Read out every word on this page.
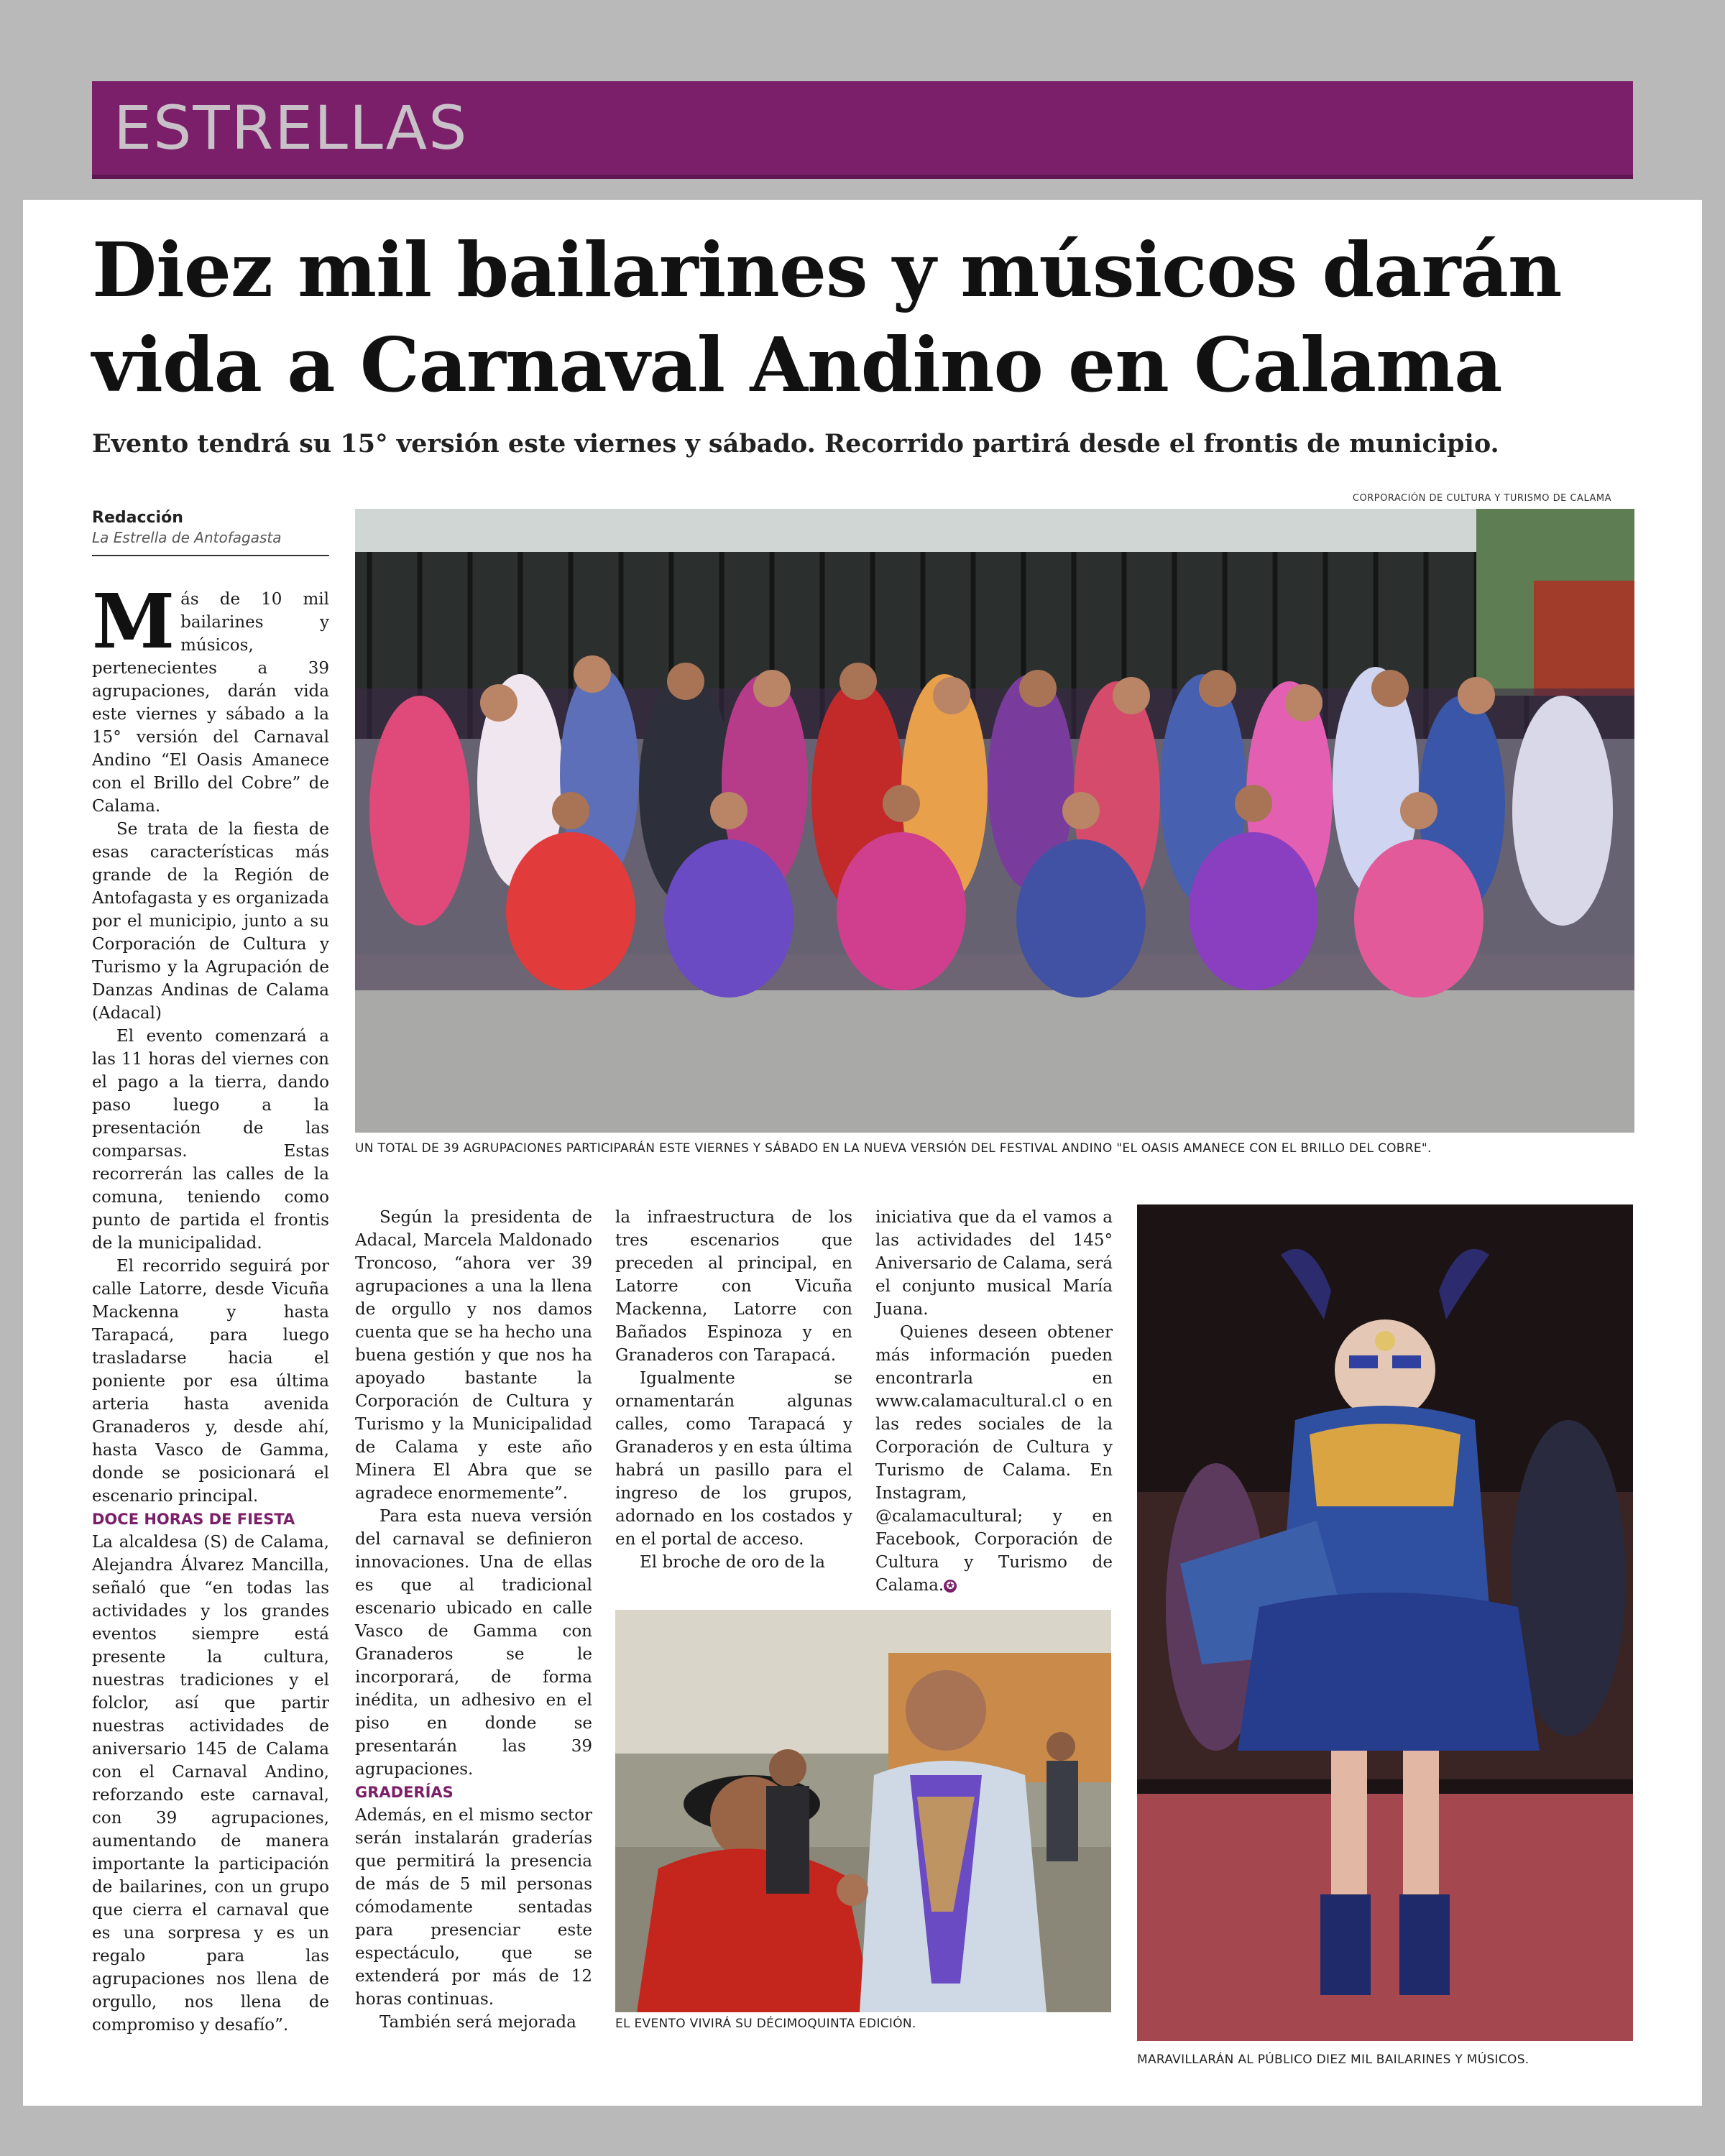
ESTRELLAS
Diez mil bailarines y músicos darán vida a Carnaval Andino en Calama
Evento tendrá su 15° versión este viernes y sábado. Recorrido partirá desde el frontis de municipio.
Redacción
La Estrella de Antofagasta
CORPORACIÓN DE CULTURA Y TURISMO DE CALAMA
UN TOTAL DE 39 AGRUPACIONES PARTICIPARÁN ESTE VIERNES Y SÁBADO EN LA NUEVA VERSIÓN DEL FESTIVAL ANDINO "EL OASIS AMANECE CON EL BRILLO DEL COBRE".

Más de 10 mil bailarines y músicos, pertenecientes a 39 agrupaciones, darán vida este viernes y sábado a la 15° versión del Carnaval Andino “El Oasis Amanece con el Brillo del Cobre” de Calama.

Se trata de la fiesta de esas características más grande de la Región de Antofagasta y es organizada por el municipio, junto a su Corporación de Cultura y Turismo y la Agrupación de Danzas Andinas de Calama (Adacal)

El evento comenzará a las 11 horas del viernes con el pago a la tierra, dando paso luego a la presentación de las comparsas. Estas recorrerán las calles de la comuna, teniendo como punto de partida el frontis de la municipalidad.

El recorrido seguirá por calle Latorre, desde Vicuña Mackenna y hasta Tarapacá, para luego trasladarse hacia el poniente por esa última arteria hasta avenida Granaderos y, desde ahí, hasta Vasco de Gamma, donde se posicionará el escenario principal.

DOCE HORAS DE FIESTA

La alcaldesa (S) de Calama, Alejandra Álvarez Mancilla, señaló que “en todas las actividades y los grandes eventos siempre está presente la cultura, nuestras tradiciones y el folclor, así que partir nuestras actividades de aniversario 145 de Calama con el Carnaval Andino, reforzando este carnaval, con 39 agrupaciones, aumentando de manera importante la participación de bailarines, con un grupo que cierra el carnaval que es una sorpresa y es un regalo para las agrupaciones nos llena de orgullo, nos llena de compromiso y desafío”.

Según la presidenta de Adacal, Marcela Maldonado Troncoso, “ahora ver 39 agrupaciones a una la llena de orgullo y nos damos cuenta que se ha hecho una buena gestión y que nos ha apoyado bastante la Corporación de Cultura y Turismo y la Municipalidad de Calama y este año Minera El Abra que se agradece enormemente”.

Para esta nueva versión del carnaval se definieron innovaciones. Una de ellas es que al tradicional escenario ubicado en calle Vasco de Gamma con Granaderos se le incorporará, de forma inédita, un adhesivo en el piso en donde se presentarán las 39 agrupaciones.

GRADERÍAS

Además, en el mismo sector serán instalarán graderías que permitirá la presencia de más de 5 mil personas cómodamente sentadas para presenciar este espectáculo, que se extenderá por más de 12 horas continuas.

También será mejorada

la infraestructura de los tres escenarios que preceden al principal, en Latorre con Vicuña Mackenna, Latorre con Bañados Espinoza y en Granaderos con Tarapacá.

Igualmente se ornamentarán algunas calles, como Tarapacá y Granaderos y en esta última habrá un pasillo para el ingreso de los grupos, adornado en los costados y en el portal de acceso.

El broche de oro de la

iniciativa que da el vamos a las actividades del 145° Aniversario de Calama, será el conjunto musical María Juana.

Quienes deseen obtener más información pueden encontrarla en www.calamacultural.cl o en las redes sociales de la Corporación de Cultura y Turismo de Calama. En Instagram, @calamacultural; y en Facebook, Corporación de Cultura y Turismo de Calama. ✪

EL EVENTO VIVIRÁ SU DÉCIMOQUINTA EDICIÓN.
MARAVILLARÁN AL PÚBLICO DIEZ MIL BAILARINES Y MÚSICOS.
